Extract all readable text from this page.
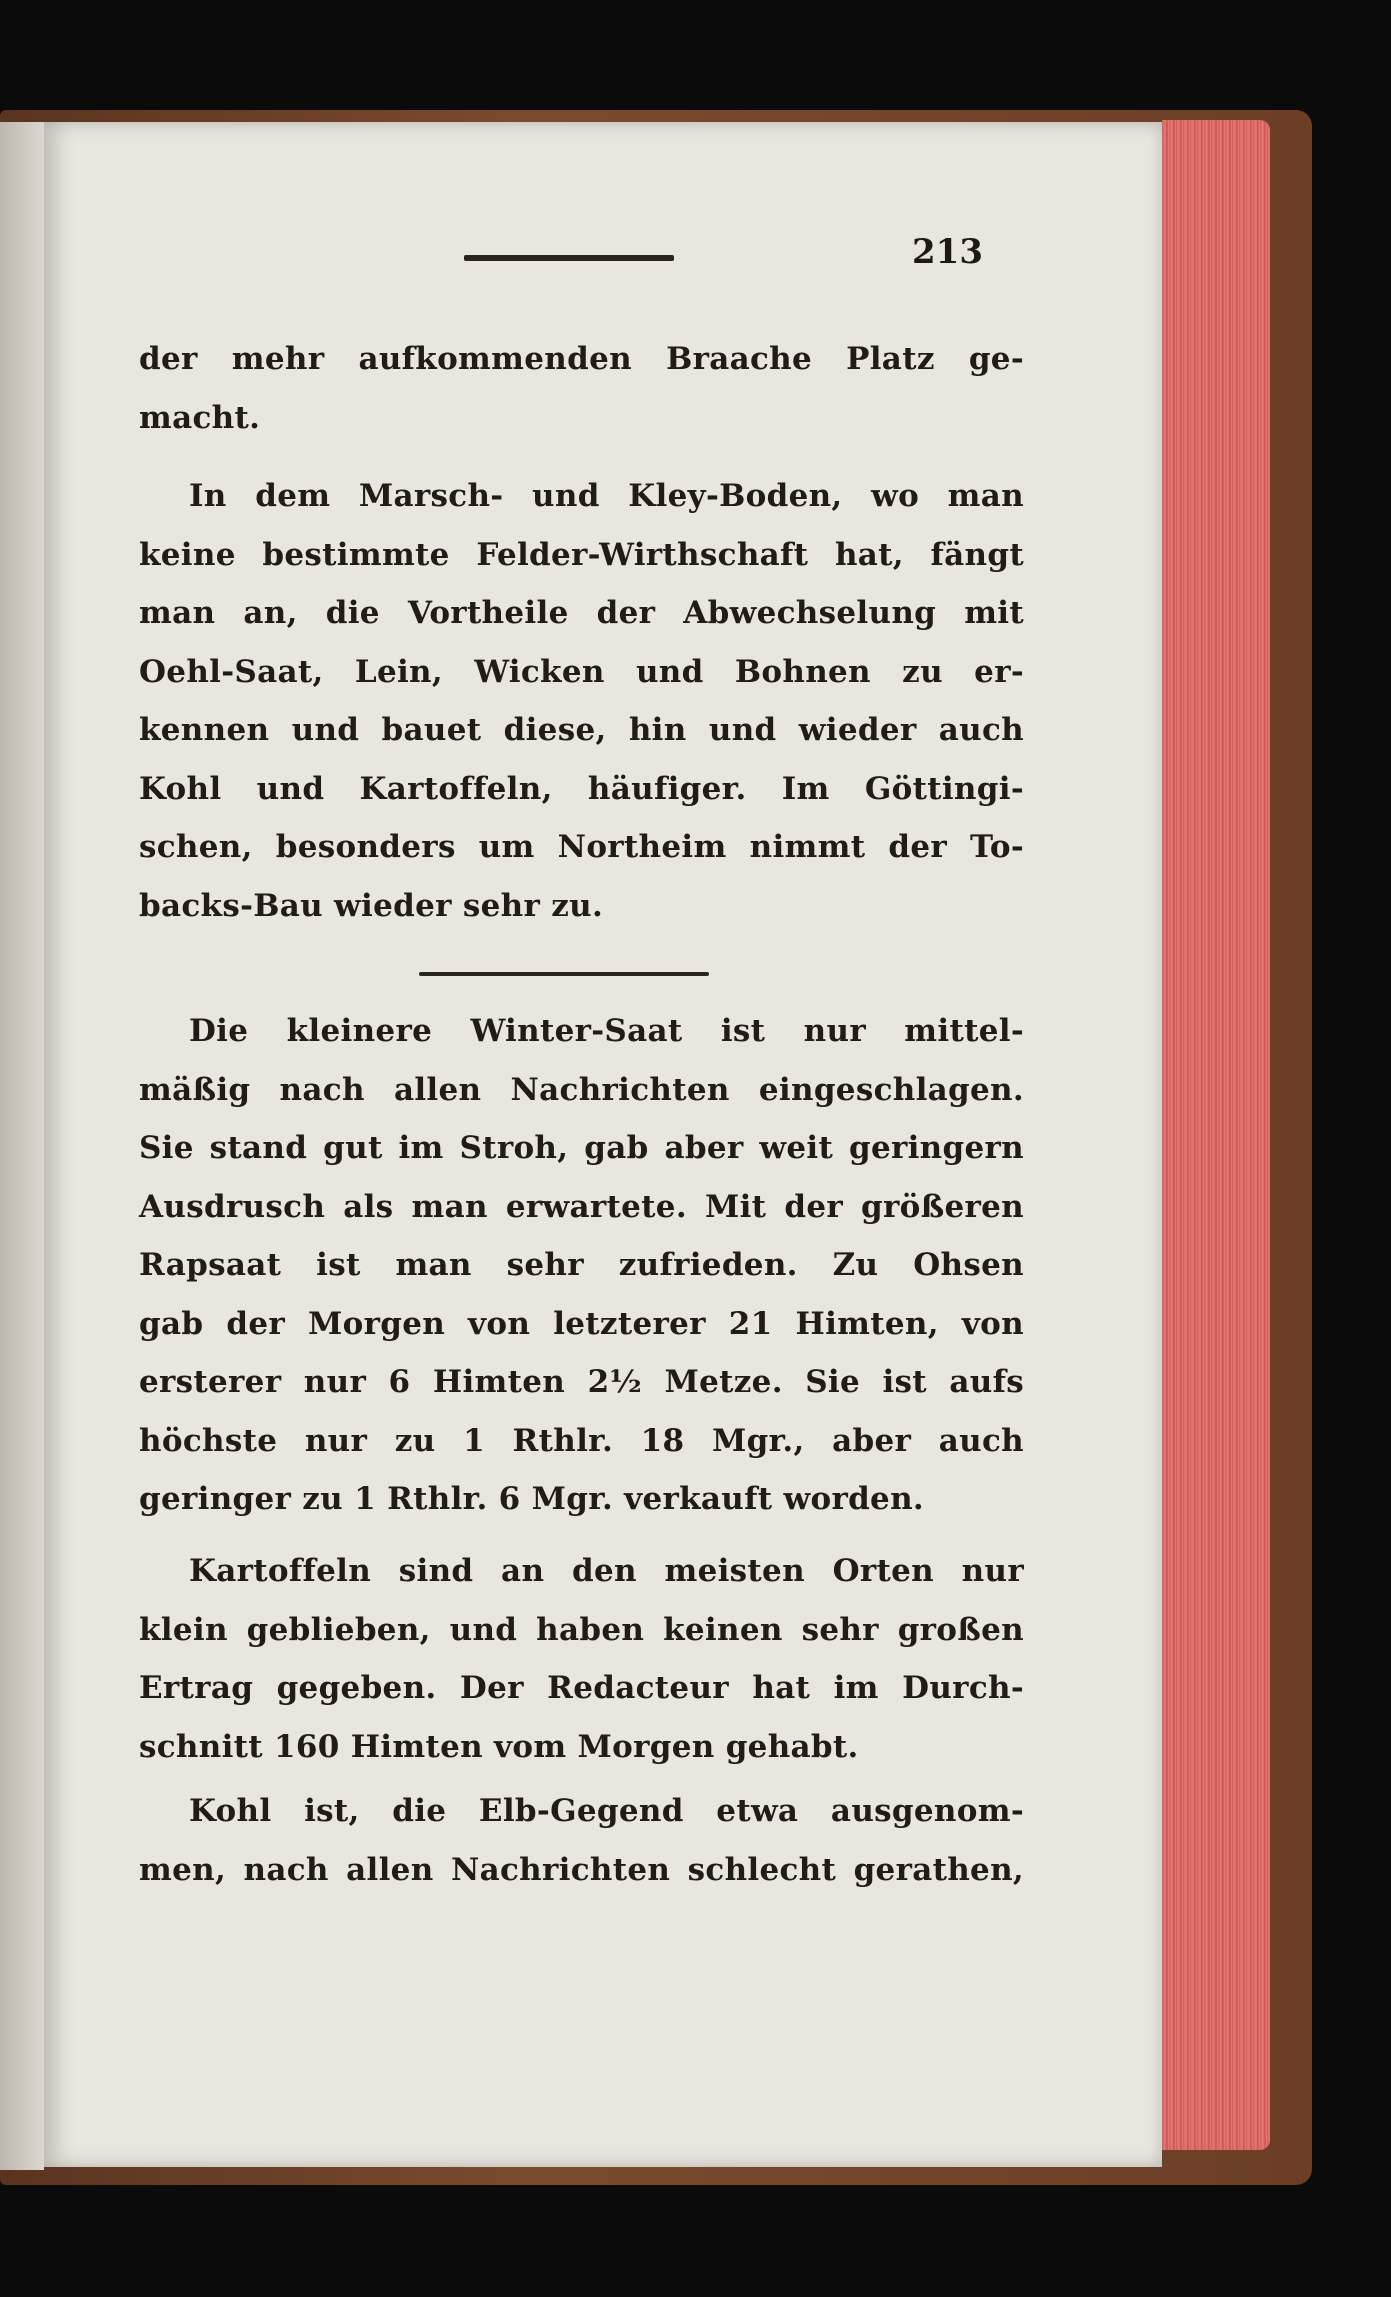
213

der mehr aufkommenden Braache Platz ge-
macht.

In dem Marsch- und Kley-Boden, wo man
keine bestimmte Felder-Wirthschaft hat, fängt
man an, die Vortheile der Abwechselung mit
Oehl-Saat, Lein, Wicken und Bohnen zu er-
kennen und bauet diese, hin und wieder auch
Kohl und Kartoffeln, häufiger. Im Göttingi-
schen, besonders um Northeim nimmt der To-
backs-Bau wieder sehr zu.

Die kleinere Winter-Saat ist nur mittel-
mäßig nach allen Nachrichten eingeschlagen.
Sie stand gut im Stroh, gab aber weit geringern
Ausdrusch als man erwartete. Mit der größeren
Rapsaat ist man sehr zufrieden. Zu Ohsen
gab der Morgen von letzterer 21 Himten, von
ersterer nur 6 Himten 2½ Metze. Sie ist aufs
höchste nur zu 1 Rthlr. 18 Mgr., aber auch
geringer zu 1 Rthlr. 6 Mgr. verkauft worden.

Kartoffeln sind an den meisten Orten nur
klein geblieben, und haben keinen sehr großen
Ertrag gegeben. Der Redacteur hat im Durch-
schnitt 160 Himten vom Morgen gehabt.

Kohl ist, die Elb-Gegend etwa ausgenom-
men, nach allen Nachrichten schlecht gerathen,
